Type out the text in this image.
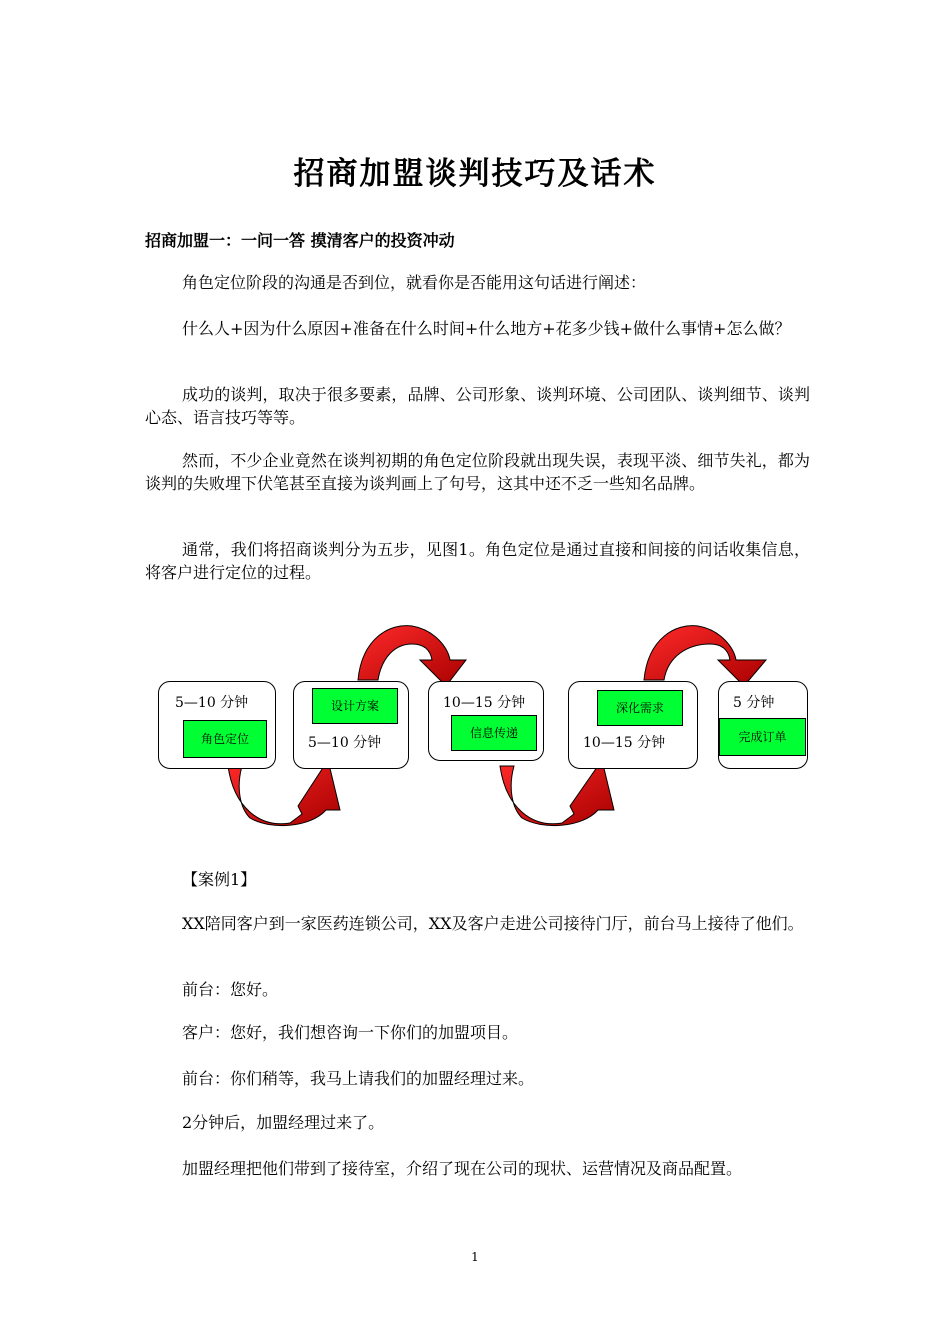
招商加盟谈判技巧及话术
招商加盟一：一问一答 摸清客户的投资冲动

角色定位阶段的沟通是否到位，就看你是否能用这句话进行阐述：

什么人+因为什么原因+准备在什么时间+什么地方+花多少钱+做什么事情+怎么做？

成功的谈判，取决于很多要素，品牌、公司形象、谈判环境、公司团队、谈判细节、谈判心态、语言技巧等等。

然而，不少企业竟然在谈判初期的角色定位阶段就出现失误，表现平淡、细节失礼，都为谈判的失败埋下伏笔甚至直接为谈判画上了句号，这其中还不乏一些知名品牌。

通常，我们将招商谈判分为五步，见图1。角色定位是通过直接和间接的问话收集信息，将客户进行定位的过程。

5—10 分钟
角色定位
设计方案
5—10 分钟
10—15 分钟
信息传递
深化需求
10—15 分钟
5 分钟
完成订单

【案例1】

XX陪同客户到一家医药连锁公司，XX及客户走进公司接待门厅，前台马上接待了他们。

前台：您好。

客户：您好，我们想咨询一下你们的加盟项目。

前台：你们稍等，我马上请我们的加盟经理过来。

2分钟后，加盟经理过来了。

加盟经理把他们带到了接待室，介绍了现在公司的现状、运营情况及商品配置。

1
